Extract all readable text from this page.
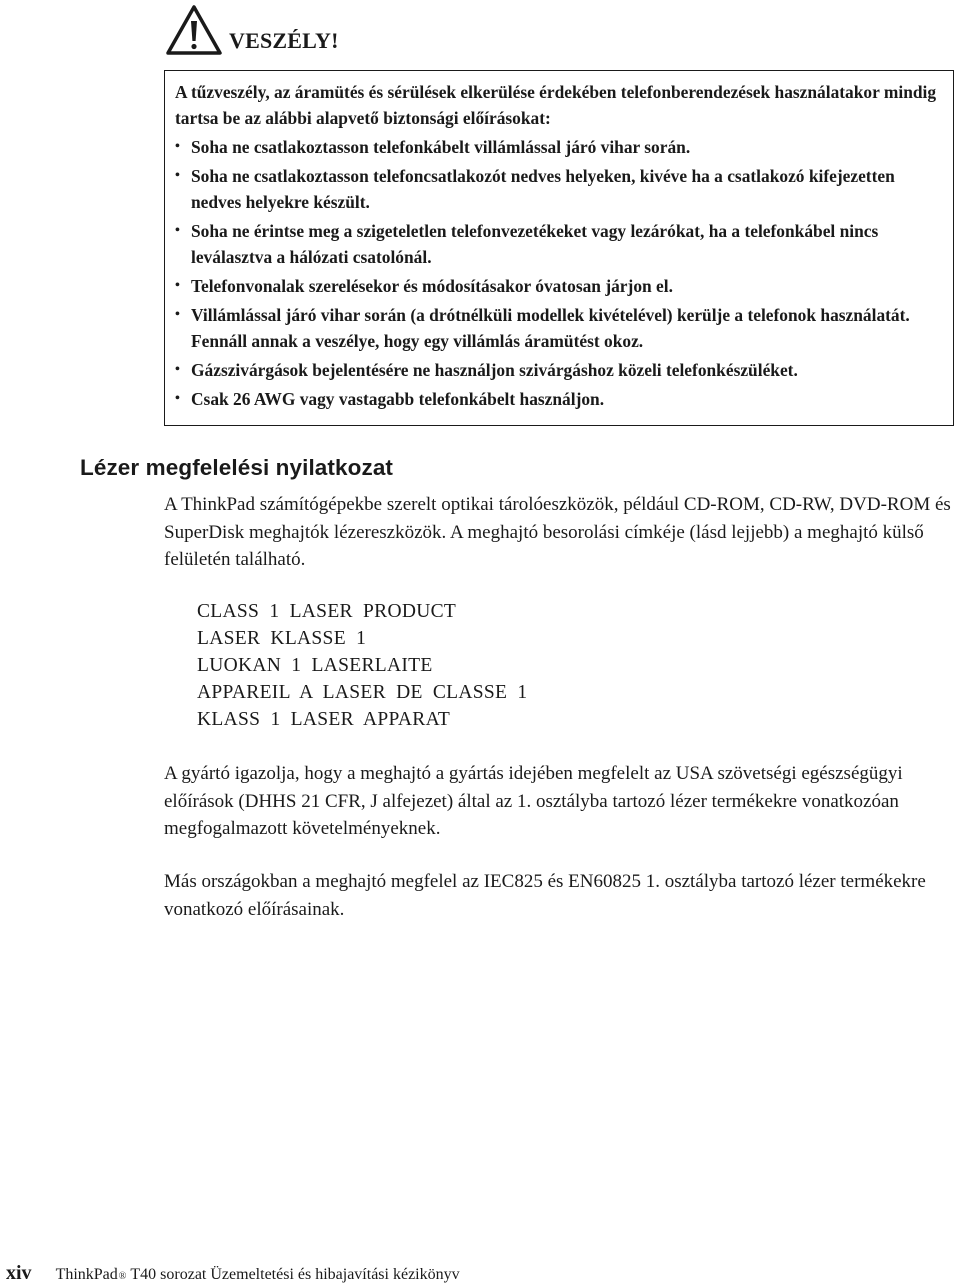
VESZÉLY!

A tűzveszély, az áramütés és sérülések elkerülése érdekében telefonberendezések használatakor mindig tartsa be az alábbi alapvető biztonsági előírásokat:

• Soha ne csatlakoztasson telefonkábelt villámlással járó vihar során.
• Soha ne csatlakoztasson telefoncsatlakozót nedves helyeken, kivéve ha a csatlakozó kifejezetten nedves helyekre készült.
• Soha ne érintse meg a szigeteletlen telefonvezetékeket vagy lezárókat, ha a telefonkábel nincs leválasztva a hálózati csatolónál.
• Telefonvonalak szerelésekor és módosításakor óvatosan járjon el.
• Villámlással járó vihar során (a drótnélküli modellek kivételével) kerülje a telefonok használatát. Fennáll annak a veszélye, hogy egy villámlás áramütést okoz.
• Gázszivárgások bejelentésére ne használjon szivárgáshoz közeli telefonkészüléket.
• Csak 26 AWG vagy vastagabb telefonkábelt használjon.
Lézer megfelelési nyilatkozat

A ThinkPad számítógépekbe szerelt optikai tárolóeszközök, például CD-ROM, CD-RW, DVD-ROM és SuperDisk meghajtók lézereszközök. A meghajtó besorolási címkéje (lásd lejjebb) a meghajtó külső felületén található.

CLASS 1 LASER PRODUCT
LASER KLASSE 1
LUOKAN 1 LASERLAITE
APPAREIL A LASER DE CLASSE 1
KLASS 1 LASER APPARAT

A gyártó igazolja, hogy a meghajtó a gyártás idejében megfelelt az USA szövetségi egészségügyi előírások (DHHS 21 CFR, J alfejezet) által az 1. osztályba tartozó lézer termékekre vonatkozóan megfogalmazott követelményeknek.

Más országokban a meghajtó megfelel az IEC825 és EN60825 1. osztályba tartozó lézer termékekre vonatkozó előírásainak.

xiv ThinkPad ® T40 sorozat Üzemeltetési és hibajavítási kézikönyv
